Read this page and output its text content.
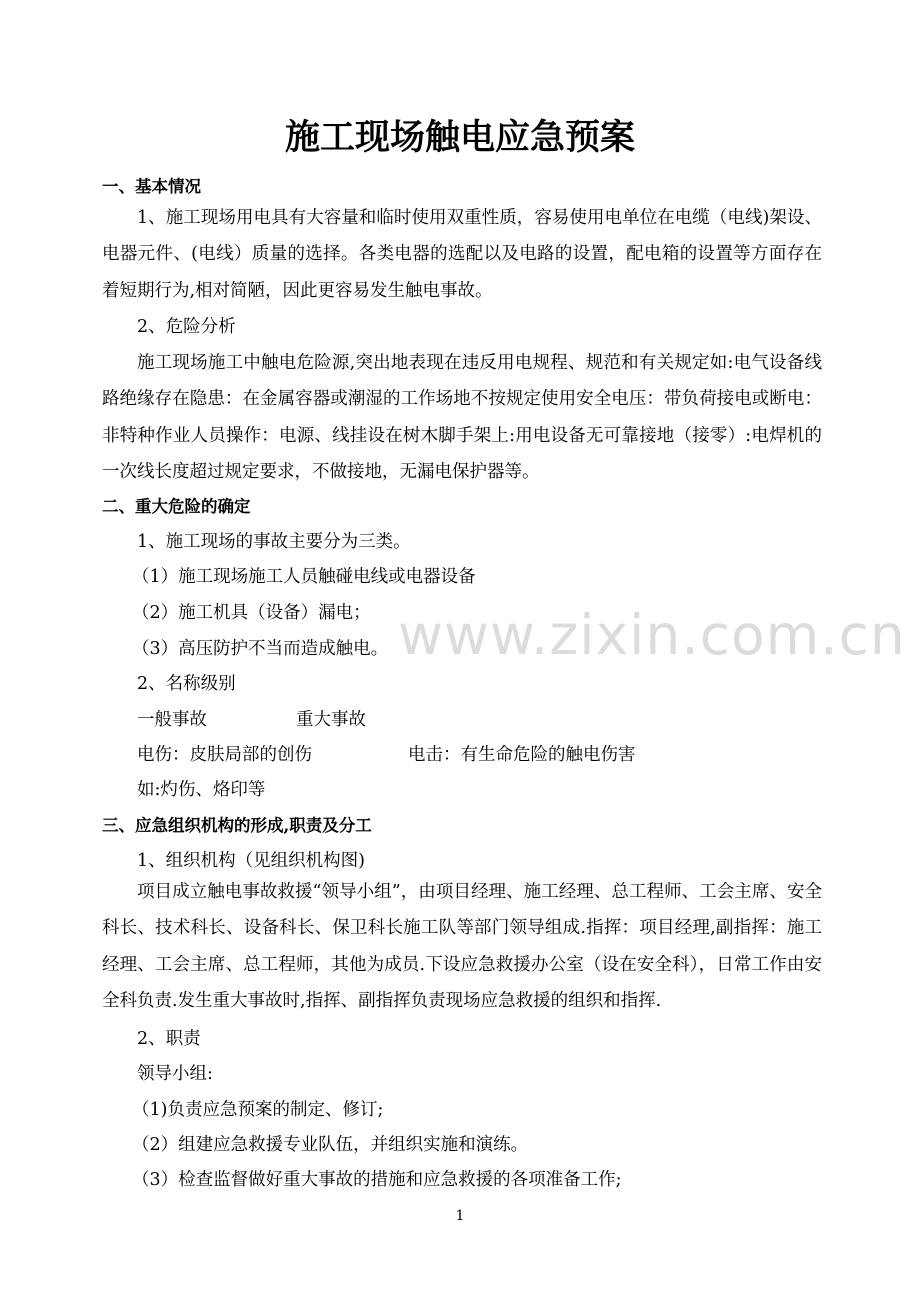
www.zixin.com.cn
施工现场触电应急预案
一、基本情况
1、施工现场用电具有大容量和临时使用双重性质，容易使用电单位在电缆（电线)架设、电器元件、(电线）质量的选择。各类电器的选配以及电路的设置，配电箱的设置等方面存在着短期行为,相对简陋，因此更容易发生触电事故。
2、危险分析
施工现场施工中触电危险源,突出地表现在违反用电规程、规范和有关规定如:电气设备线路绝缘存在隐患：在金属容器或潮湿的工作场地不按规定使用安全电压：带负荷接电或断电：非特种作业人员操作：电源、线挂设在树木脚手架上:用电设备无可靠接地（接零）:电焊机的一次线长度超过规定要求，不做接地，无漏电保护器等。
二、重大危险的确定
1、施工现场的事故主要分为三类。
（1）施工现场施工人员触碰电线或电器设备
（2）施工机具（设备）漏电；
（3）高压防护不当而造成触电。
2、名称级别
一般事故	重大事故
电伤：皮肤局部的创伤	电击：有生命危险的触电伤害
如:灼伤、烙印等
三、应急组织机构的形成,职责及分工
1、组织机构（见组织机构图)
项目成立触电事故救援“领导小组”，由项目经理、施工经理、总工程师、工会主席、安全科长、技术科长、设备科长、保卫科长施工队等部门领导组成.指挥：项目经理,副指挥：施工经理、工会主席、总工程师，其他为成员.下设应急救援办公室（设在安全科），日常工作由安全科负责.发生重大事故时,指挥、副指挥负责现场应急救援的组织和指挥.
2、职责
领导小组:
（1)负责应急预案的制定、修订;
（2）组建应急救援专业队伍，并组织实施和演练。
（3）检查监督做好重大事故的措施和应急救援的各项准备工作;
1
